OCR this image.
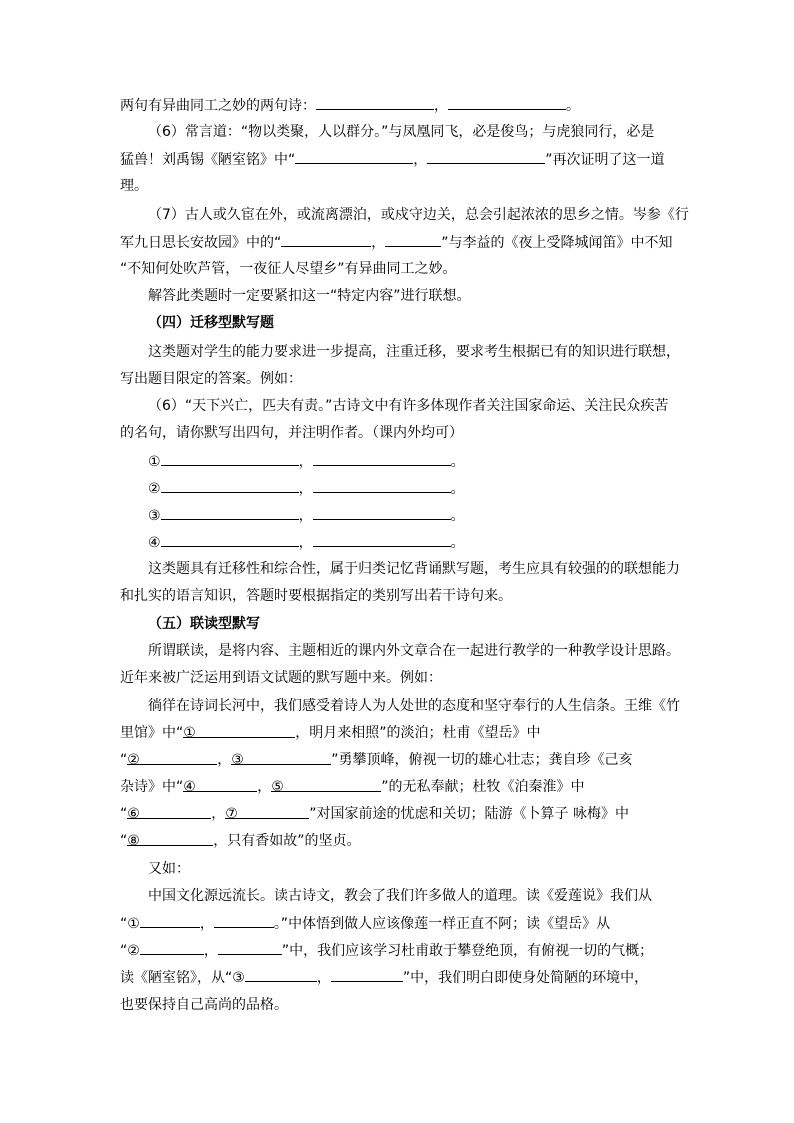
两句有异曲同工之妙的两句诗：	，	。
（6）常言道：“物以类聚，人以群分。”与凤凰同飞，必是俊鸟；与虎狼同行，必是
猛兽！刘禹锡《陋室铭》中“	，	”再次证明了这一道
理。
（7）古人或久宦在外，或流离漂泊，或戍守边关，总会引起浓浓的思乡之情。岑参《行
军九日思长安故园》中的“	，	”与李益的《夜上受降城闻笛》中不知
“不知何处吹芦管，一夜征人尽望乡”有异曲同工之妙。
解答此类题时一定要紧扣这一“特定内容”进行联想。
（四）迁移型默写题
这类题对学生的能力要求进一步提高，注重迁移，要求考生根据已有的知识进行联想，
写出题目限定的答案。例如：
（6）“天下兴亡，匹夫有责。”古诗文中有许多体现作者关注国家命运、关注民众疾苦
的名句，请你默写出四句，并注明作者。（课内外均可）
①	，	。
②	，	。
③	，	。
④	，	。
这类题具有迁移性和综合性，属于归类记忆背诵默写题，考生应具有较强的的联想能力
和扎实的语言知识，答题时要根据指定的类别写出若干诗句来。
（五）联读型默写
所谓联读，是将内容、主题相近的课内外文章合在一起进行教学的一种教学设计思路。
近年来被广泛运用到语文试题的默写题中来。例如：
徜徉在诗词长河中，我们感受着诗人为人处世的态度和坚守奉行的人生信条。王维《竹
里馆》中“①	，明月来相照”的淡泊；杜甫《望岳》中
“②	，③	”勇攀顶峰，俯视一切的雄心壮志；龚自珍《己亥
杂诗》中“④	，⑤	”的无私奉献；杜牧《泊秦淮》中
“⑥	，⑦	”对国家前途的忧虑和关切；陆游《卜算子 咏梅》中
“⑧	，只有香如故”的坚贞。
又如：
中国文化源远流长。读古诗文，教会了我们许多做人的道理。读《爱莲说》我们从
“①	，	。”中体悟到做人应该像莲一样正直不阿；读《望岳》从
“②	，	”中，我们应该学习杜甫敢于攀登绝顶，有俯视一切的气概；
读《陋室铭》，从“③	，	”中，我们明白即使身处简陋的环境中，
也要保持自己高尚的品格。
